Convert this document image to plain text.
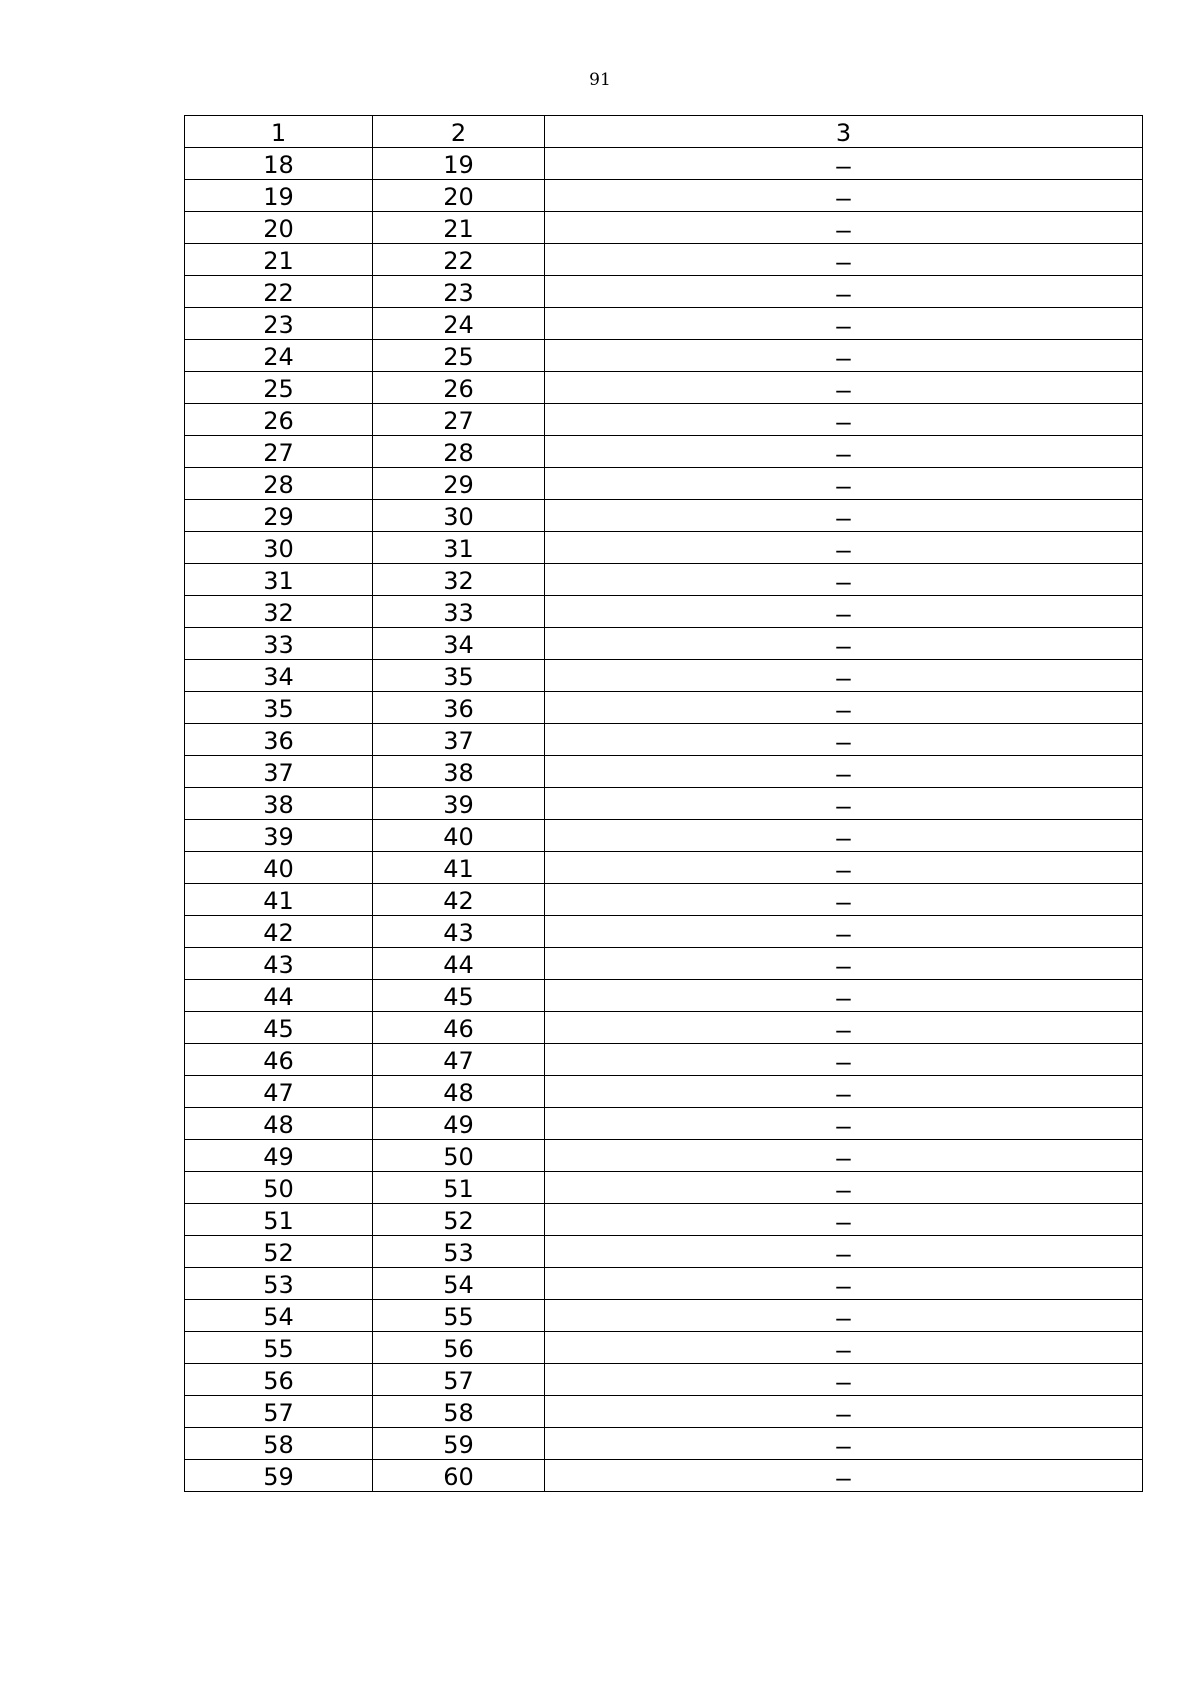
91
1	2	3
18	19	–
19	20	–
20	21	–
21	22	–
22	23	–
23	24	–
24	25	–
25	26	–
26	27	–
27	28	–
28	29	–
29	30	–
30	31	–
31	32	–
32	33	–
33	34	–
34	35	–
35	36	–
36	37	–
37	38	–
38	39	–
39	40	–
40	41	–
41	42	–
42	43	–
43	44	–
44	45	–
45	46	–
46	47	–
47	48	–
48	49	–
49	50	–
50	51	–
51	52	–
52	53	–
53	54	–
54	55	–
55	56	–
56	57	–
57	58	–
58	59	–
59	60	–
